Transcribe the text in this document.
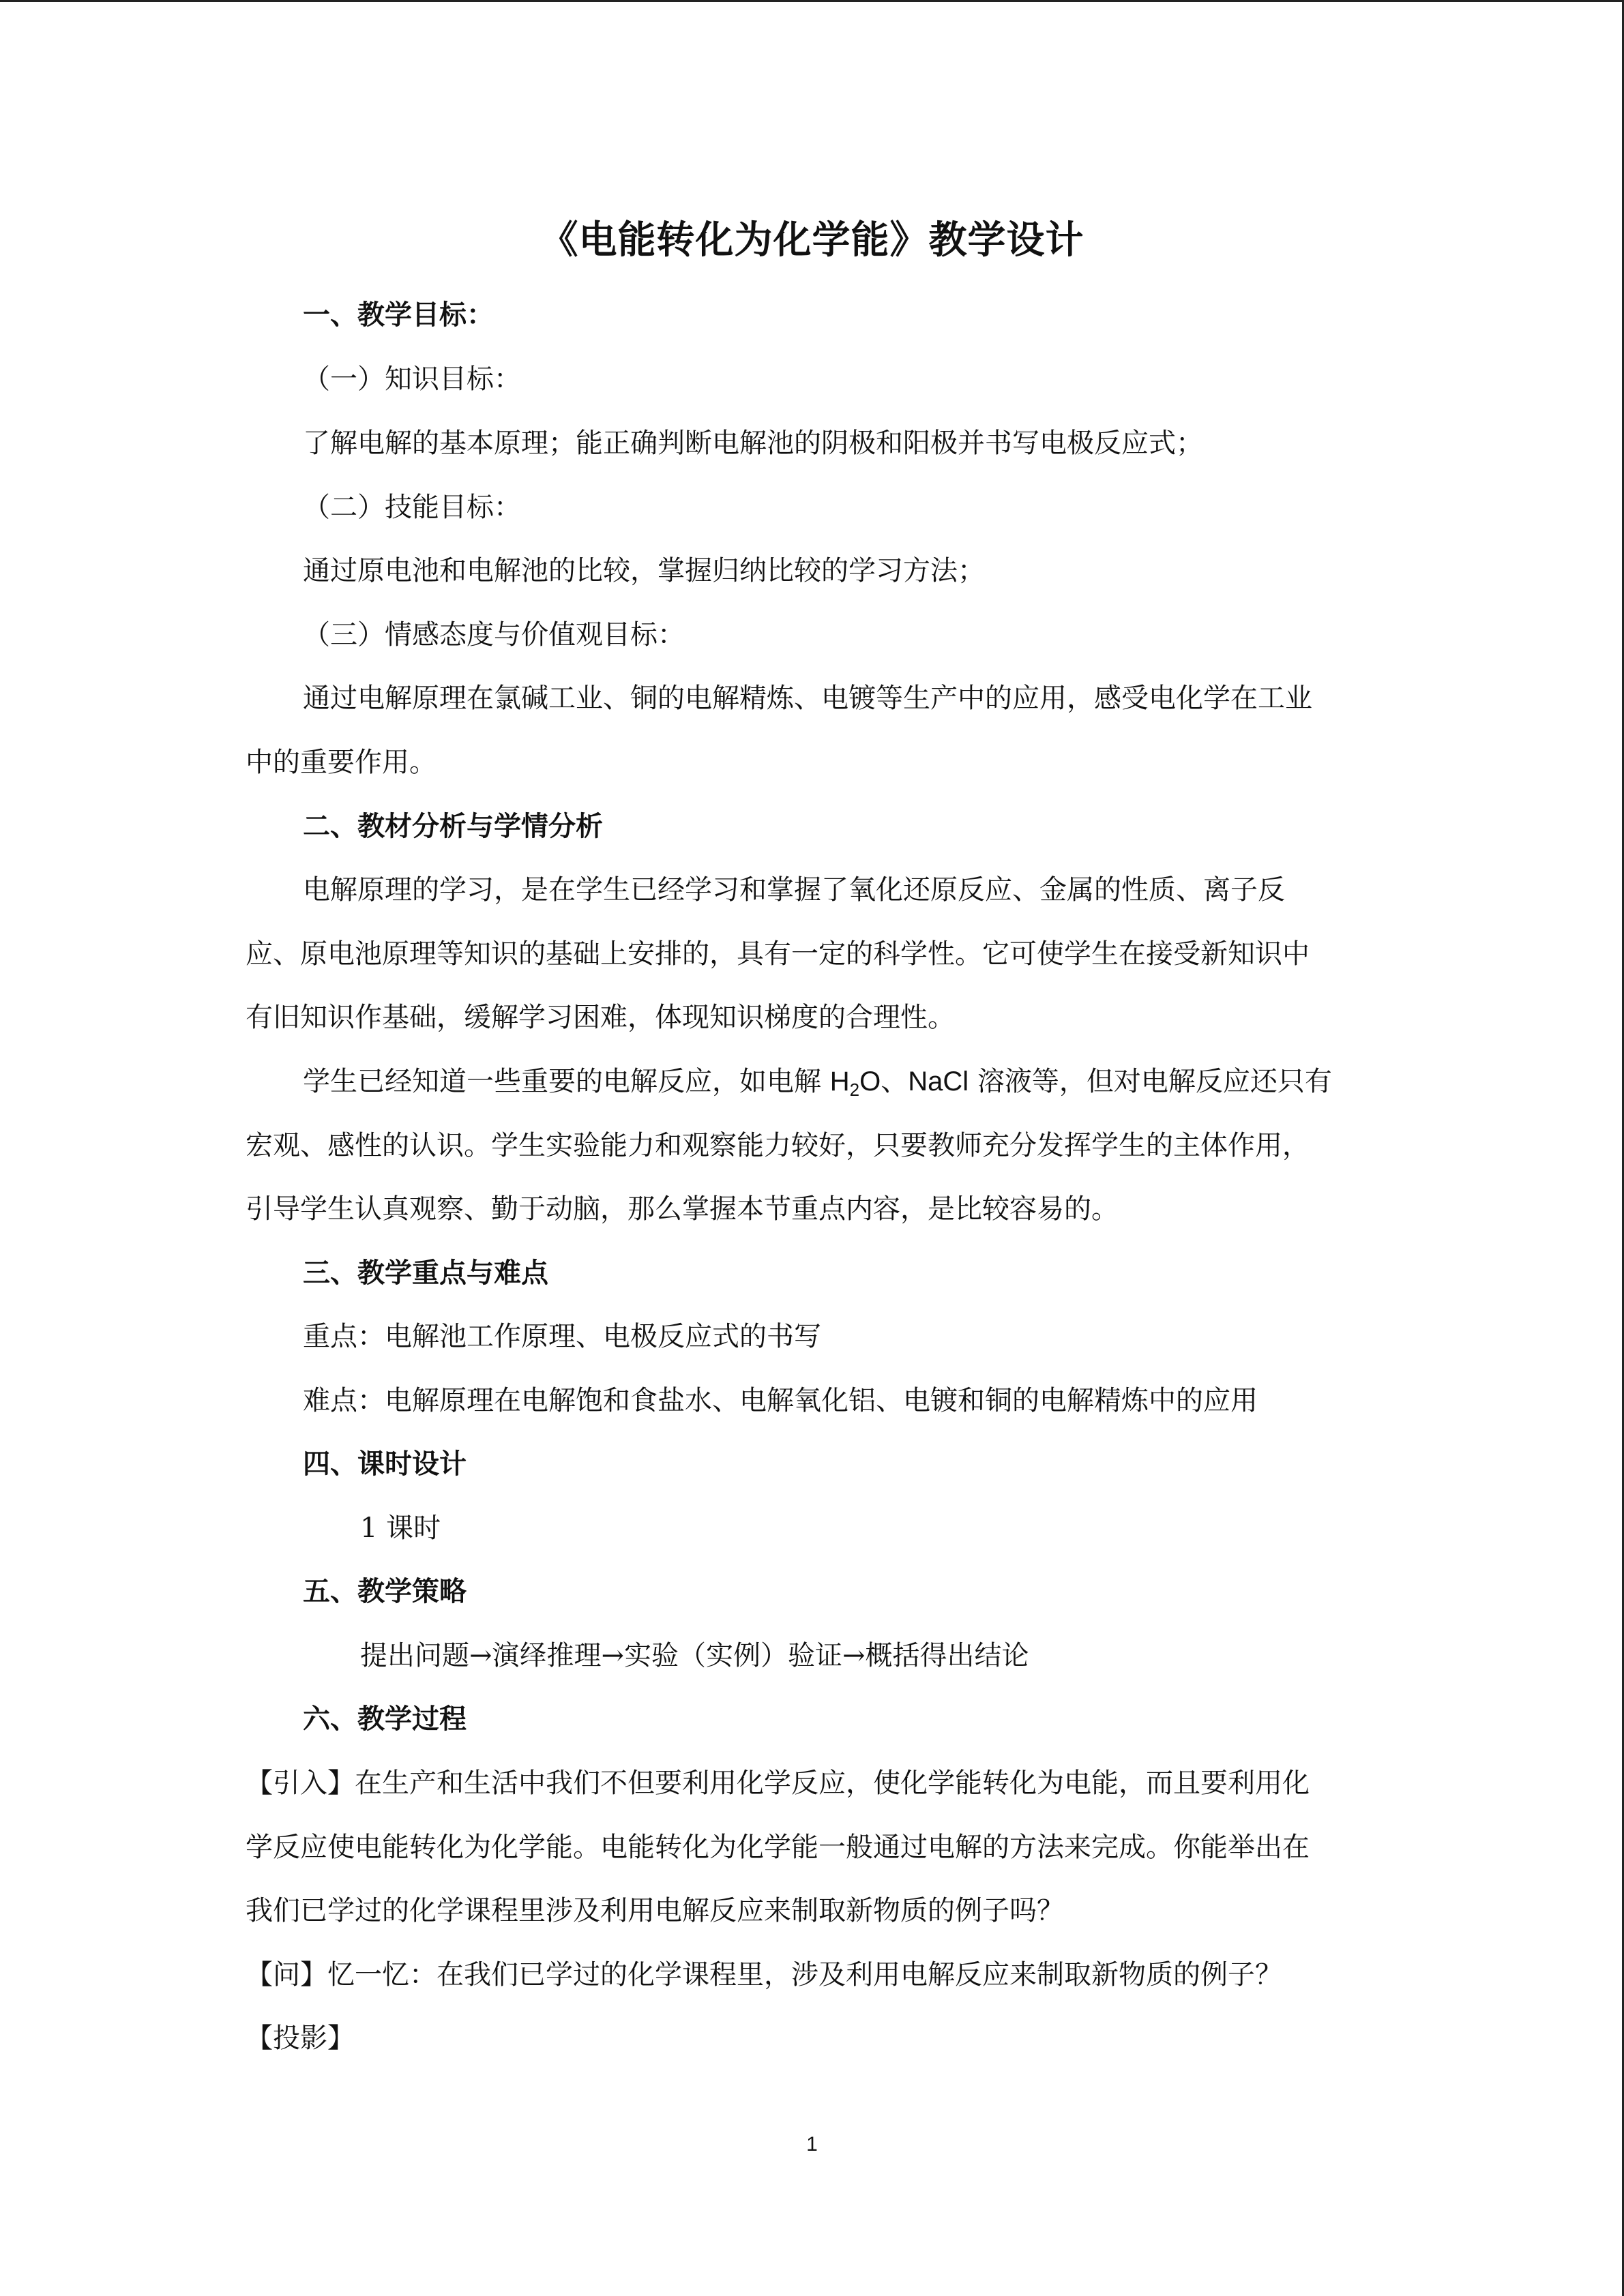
《电能转化为化学能》教学设计
一、教学目标：
（一）知识目标：
了解电解的基本原理；能正确判断电解池的阴极和阳极并书写电极反应式；
（二）技能目标：
通过原电池和电解池的比较，掌握归纳比较的学习方法；
（三）情感态度与价值观目标：
通过电解原理在氯碱工业、铜的电解精炼、电镀等生产中的应用，感受电化学在工业
中的重要作用。
二、教材分析与学情分析
电解原理的学习，是在学生已经学习和掌握了氧化还原反应、金属的性质、离子反
应、原电池原理等知识的基础上安排的，具有一定的科学性。它可使学生在接受新知识中
有旧知识作基础，缓解学习困难，体现知识梯度的合理性。
学生已经知道一些重要的电解反应，如电解 $H_2O$、NaCl 溶液等，但对电解反应还只有
宏观、感性的认识。学生实验能力和观察能力较好，只要教师充分发挥学生的主体作用，
引导学生认真观察、勤于动脑，那么掌握本节重点内容，是比较容易的。
三、教学重点与难点
重点：电解池工作原理、电极反应式的书写
难点：电解原理在电解饱和食盐水、电解氧化铝、电镀和铜的电解精炼中的应用
四、课时设计
1 课时
五、教学策略
提出问题→演绎推理→实验（实例）验证→概括得出结论
六、教学过程
【引入】在生产和生活中我们不但要利用化学反应，使化学能转化为电能，而且要利用化
学反应使电能转化为化学能。电能转化为化学能一般通过电解的方法来完成。你能举出在
我们已学过的化学课程里涉及利用电解反应来制取新物质的例子吗？
【问】忆一忆：在我们已学过的化学课程里，涉及利用电解反应来制取新物质的例子？
【投影】
1
